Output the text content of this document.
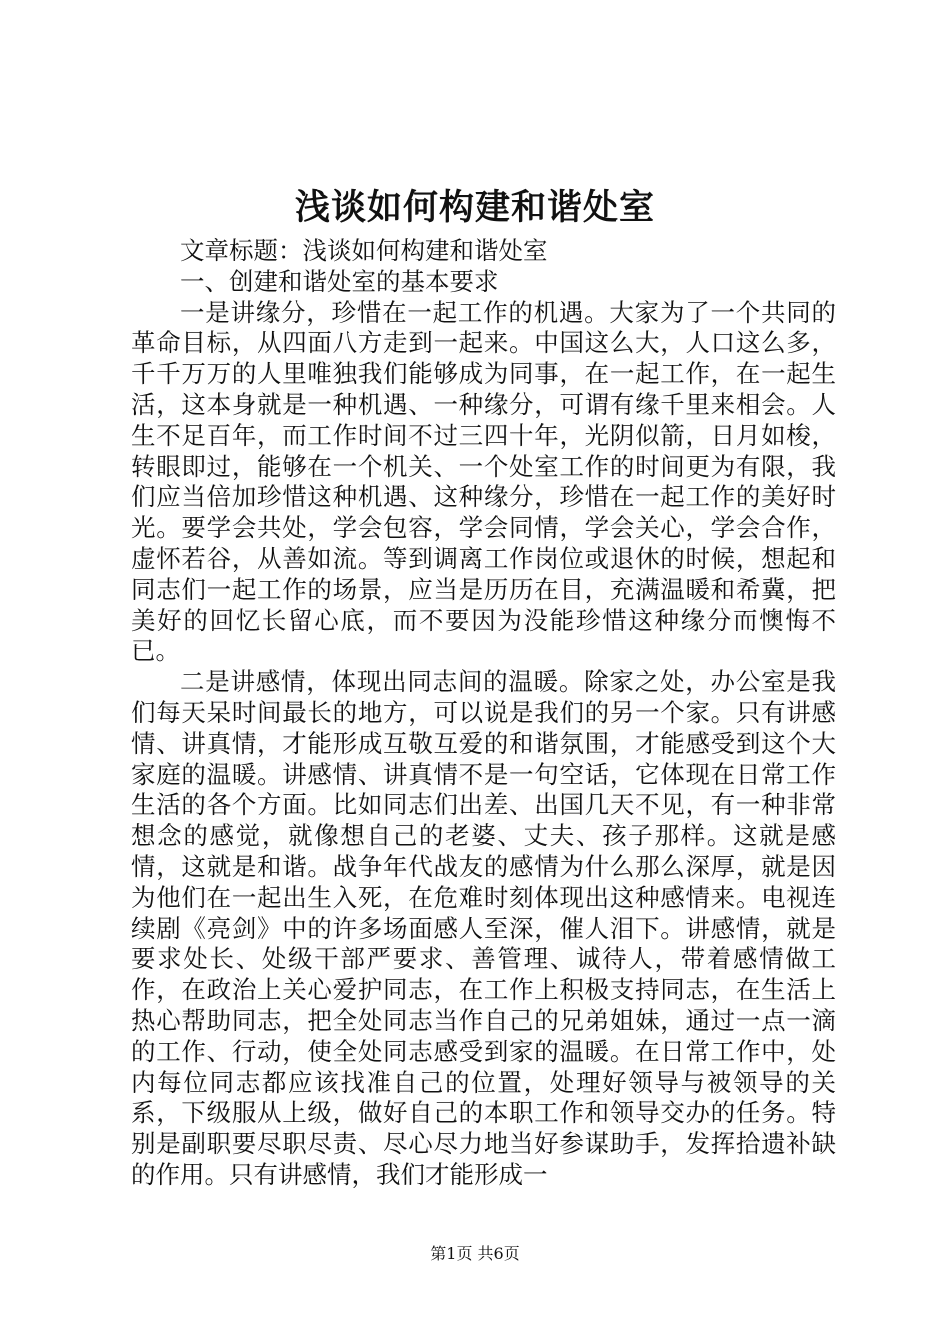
浅谈如何构建和谐处室

文章标题：浅谈如何构建和谐处室

一、创建和谐处室的基本要求

一是讲缘分，珍惜在一起工作的机遇。大家为了一个共同的革命目标，从四面八方走到一起来。中国这么大，人口这么多，千千万万的人里唯独我们能够成为同事，在一起工作，在一起生活，这本身就是一种机遇、一种缘分，可谓有缘千里来相会。人生不足百年，而工作时间不过三四十年，光阴似箭，日月如梭，转眼即过，能够在一个机关、一个处室工作的时间更为有限，我们应当倍加珍惜这种机遇、这种缘分，珍惜在一起工作的美好时光。要学会共处，学会包容，学会同情，学会关心，学会合作，虚怀若谷，从善如流。等到调离工作岗位或退休的时候，想起和同志们一起工作的场景，应当是历历在目，充满温暖和希冀，把美好的回忆长留心底，而不要因为没能珍惜这种缘分而懊悔不已。

二是讲感情，体现出同志间的温暖。除家之处，办公室是我们每天呆时间最长的地方，可以说是我们的另一个家。只有讲感情、讲真情，才能形成互敬互爱的和谐氛围，才能感受到这个大家庭的温暖。讲感情、讲真情不是一句空话，它体现在日常工作生活的各个方面。比如同志们出差、出国几天不见，有一种非常想念的感觉，就像想自己的老婆、丈夫、孩子那样。这就是感情，这就是和谐。战争年代战友的感情为什么那么深厚，就是因为他们在一起出生入死，在危难时刻体现出这种感情来。电视连续剧《亮剑》中的许多场面感人至深，催人泪下。讲感情，就是要求处长、处级干部严要求、善管理、诚待人，带着感情做工作，在政治上关心爱护同志，在工作上积极支持同志，在生活上热心帮助同志，把全处同志当作自己的兄弟姐妹，通过一点一滴的工作、行动，使全处同志感受到家的温暖。在日常工作中，处内每位同志都应该找准自己的位置，处理好领导与被领导的关系，下级服从上级，做好自己的本职工作和领导交办的任务。特别是副职要尽职尽责、尽心尽力地当好参谋助手，发挥拾遗补缺的作用。只有讲感情，我们才能形成一

第1页 共6页
